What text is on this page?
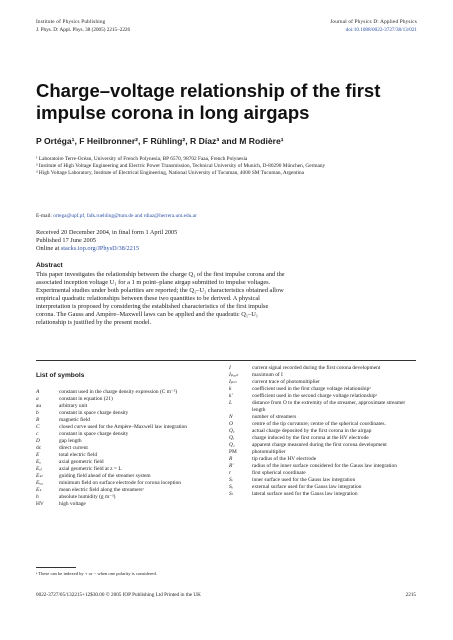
Institute of Physics Publishing	Journal of Physics D: Applied Physics
J. Phys. D: Appl. Phys. 38 (2005) 2215–2226	doi:10.1088/0022-3727/38/13/021
Charge–voltage relationship of the first impulse corona in long airgaps
P Ortéga¹, F Heilbronner², F Rühling², R Díaz³ and M Rodière¹
¹ Laboratoire Terre-Océan, University of French Polynesia, BP 6570, 98702 Faaa, French Polynesia
² Institute of High Voltage Engineering and Electric Power Transmission, Technical University of Munich, D-80290 München, Germany
³ High Voltage Laboratory, Institute of Electrical Engineering, National University of Tucuman, 4000 SM Tucuman, Argentina
E-mail: ortega@upf.pf, falk.ruehling@tum.de and rdiaz@herrera.unt.edu.ar
Received 20 December 2004, in final form 1 April 2005
Published 17 June 2005
Online at stacks.iop.org/JPhysD/38/2215
Abstract
This paper investigates the relationship between the charge Q₁ of the first impulse corona and the associated inception voltage U₁ for a 1 m point–plane airgap submitted to impulse voltages. Experimental studies under both polarities are reported; the Q₁–U₁ characteristics obtained allow empirical quadratic relationships between these two quantities to be derived. A physical interpretation is proposed by considering the established characteristics of the first impulse corona. The Gauss and Ampère–Maxwell laws can be applied and the quadratic Q₁–U₁ relationship is justified by the present model.
List of symbols
A	constant used in the charge density expression (C m⁻²)
a	constant in equation (21)
au	arbitrary unit
b	constant in space charge density
B	magnetic field
C	closed curve used for the Ampère–Maxwell law integration
c	constant in space charge density
D	gap length
dc	direct current
E	total electric field
Eₐ	axial geometric field
Eₐₗ	axial geometric field at z = L
Eₛₜ	guiding field ahead of the streamer system
Eᵢ,ₐ	minimum field on surface electrode for corona inception
Eₛ	mean electric field along the streamersᵃ
h	absolute humidity (g m⁻³)
HV	high voltage
I	current signal recorded during the first corona development
Iₚₑₐₖ	maximum of I
Iₚₘ	current trace of photomultiplier
k	coefficient used in the first charge voltage relationshipᵃ
k′	coefficient used in the second charge voltage relationshipᵃ
L	distance from O to the extremity of the streamer, approximate streamer length
N	number of streamers
O	centre of the tip curvature; centre of the spherical coordinates.
Q꜀	actual charge deposited by the first corona in the airgap
Qₑ	charge induced by the first corona at the HV electrode
Q₁	apparent charge measured during the first corona development
PM	photomultiplier
R	tip radius of the HV electrode
R′	radius of the inner surface considered for the Gauss law integration
r	first spherical coordinate
Sᵢ	inner surface used for the Gauss law integration
Sₑ	external surface used for the Gauss law integration
Sₗ	lateral surface used for the Gauss law integration
ᵃ These can be indexed by + or − when one polarity is considered.
0022-3727/05/132215+12$30.00 © 2005 IOP Publishing Ltd Printed in the UK	2215
